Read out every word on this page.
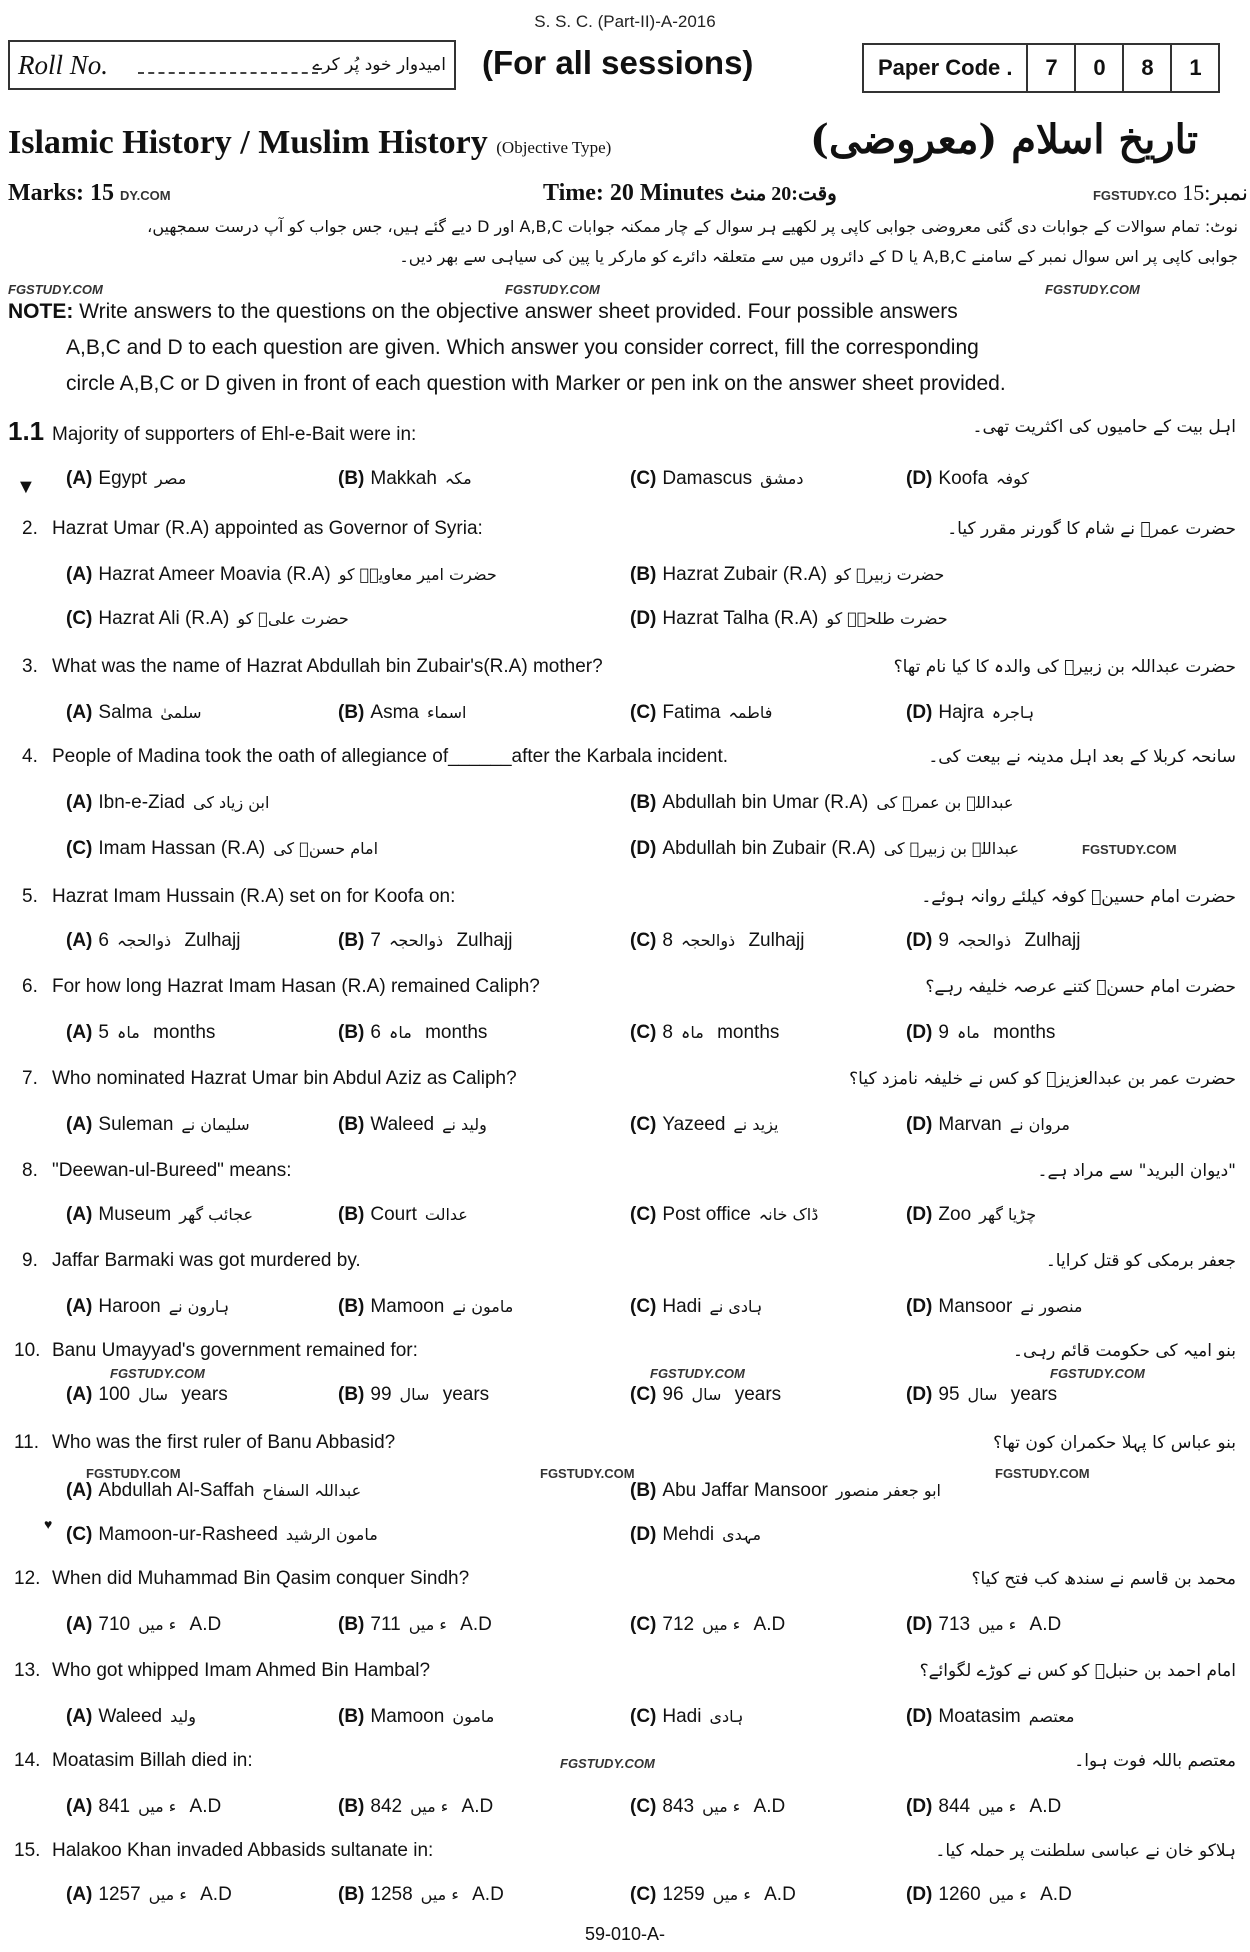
S. S. C. (Part-II)-A-2016
Roll No.	امیدوار خود پُر کرے (For all sessions)	Paper Code .	7	0	8	1
Islamic History / Muslim History (Objective Type)	تاریخ اسلام (معروضی)
Marks: 15 DY.COM	Time: 20 Minutes وقت:20 منٹ	نمبر:15 FGSTUDY.CO
نوٹ: تمام سوالات کے جوابات دی گئی معروضی جوابی کاپی پر لکھیے ہر سوال کے چار ممکنہ جوابات A,B,C اور D دیے گئے ہیں، جس جواب کو آپ درست سمجھیں،
جوابی کاپی پر اس سوال نمبر کے سامنے A,B,C یا D کے دائروں میں سے متعلقہ دائرے کو مارکر یا پین کی سیاہی سے بھر دیں۔
FGSTUDY.COM	FGSTUDY.COM	FGSTUDY.COM
NOTE: Write answers to the questions on the objective answer sheet provided. Four possible answers
A,B,C and D to each question are given. Which answer you consider correct, fill the corresponding
circle A,B,C or D given in front of each question with Marker or pen ink on the answer sheet provided.
1.1 Majority of supporters of Ehl-e-Bait were in:	اہل بیت کے حامیوں کی اکثریت تھی۔
▼ (A) Egypt مصر	(B) Makkah مکہ	(C) Damascus دمشق	(D) Koofa کوفہ
2. Hazrat Umar (R.A) appointed as Governor of Syria:	حضرت عمرؓ نے شام کا گورنر مقرر کیا۔
(A) Hazrat Ameer Moavia (R.A) حضرت امیر معاویہؓ کو	(B) Hazrat Zubair (R.A) حضرت زبیرؓ کو
(C) Hazrat Ali (R.A) حضرت علیؓ کو	(D) Hazrat Talha (R.A) حضرت طلحہؓ کو
3. What was the name of Hazrat Abdullah bin Zubair's(R.A) mother?	حضرت عبداللہ بن زبیرؓ کی والدہ کا کیا نام تھا؟
(A) Salma سلمیٰ	(B) Asma اسماء	(C) Fatima فاطمہ	(D) Hajra ہاجرہ
4. People of Madina took the oath of allegiance of______after the Karbala incident.	سانحہ کربلا کے بعد اہل مدینہ نے بیعت کی۔
(A) Ibn-e-Ziad ابن زیاد کی	(B) Abdullah bin Umar (R.A) عبداللہ بن عمرؓ کی
(C) Imam Hassan (R.A) امام حسنؓ کی	(D) Abdullah bin Zubair (R.A) عبداللہ بن زبیرؓ کی	FGSTUDY.COM
5. Hazrat Imam Hussain (R.A) set on for Koofa on:	حضرت امام حسینؓ کوفہ کیلئے روانہ ہوئے۔
(A) ذوالحجہ6 Zulhajj	(B) ذوالحجہ7 Zulhajj	(C) ذوالحجہ8 Zulhajj	(D) ذوالحجہ9 Zulhajj
6. For how long Hazrat Imam Hasan (R.A) remained Caliph?	حضرت امام حسنؓ کتنے عرصہ خلیفہ رہے؟
(A) ماہ5 months	(B) ماہ6 months	(C) ماہ8 months	(D) ماہ9 months
7. Who nominated Hazrat Umar bin Abdul Aziz as Caliph?	حضرت عمر بن عبدالعزیزؒ کو کس نے خلیفہ نامزد کیا؟
(A) Suleman سلیمان نے	(B) Waleed ولید نے	(C) Yazeed یزید نے	(D) Marvan مروان نے
8. "Deewan-ul-Bureed" means:	"دیوان البرید" سے مراد ہے۔
(A) Museum عجائب گھر	(B) Court عدالت	(C) Post office ڈاک خانہ	(D) Zoo چڑیا گھر
9. Jaffar Barmaki was got murdered by.	جعفر برمکی کو قتل کرایا۔
(A) Haroon ہارون نے	(B) Mamoon مامون نے	(C) Hadi ہادی نے	(D) Mansoor منصور نے
10. Banu Umayyad's government remained for:	بنو امیہ کی حکومت قائم رہی۔
FGSTUDY.COM	FGSTUDY.COM	FGSTUDY.COM
(A)	سال100 years	(B) سال99 years	(C) سال96 years	(D) سال95 years
11. Who was the first ruler of Banu Abbasid?	بنو عباس کا پہلا حکمران کون تھا؟
FGSTUDY.COM	FGSTUDY.COM	FGSTUDY.COM
(A) Abdullah Al-Saffah عبداللہ السفاح	(B) Abu Jaffar Mansoor ابو جعفر منصور
♥ (C) Mamoon-ur-Rasheed مامون الرشید	(D) Mehdi مہدی
12. When did Muhammad Bin Qasim conquer Sindh?	محمد بن قاسم نے سندھ کب فتح کیا؟
(A)	ء میں710 A.D	(B)	ء میں711 A.D	(C)	ء میں712 A.D	(D)	ء میں713 A.D
13. Who got whipped Imam Ahmed Bin Hambal?	امام احمد بن حنبلؒ کو کس نے کوڑے لگوائے؟
(A) Waleed ولید	(B) Mamoon مامون	(C) Hadi ہادی	(D) Moatasim معتصم
14. Moatasim Billah died in:	معتصم باللہ فوت ہوا۔
FGSTUDY.COM
(A)	ء میں841 A.D	(B)	ء میں842 A.D	(C)	ء میں843 A.D	(D)	ء میں844 A.D
15. Halakoo Khan invaded Abbasids sultanate in:	ہلاکو خان نے عباسی سلطنت پر حملہ کیا۔
(A)	ء میں1257 A.D	(B)	ء میں1258 A.D	(C)	ء میں1259 A.D	(D)	ء میں1260 A.D
59-010-A-
